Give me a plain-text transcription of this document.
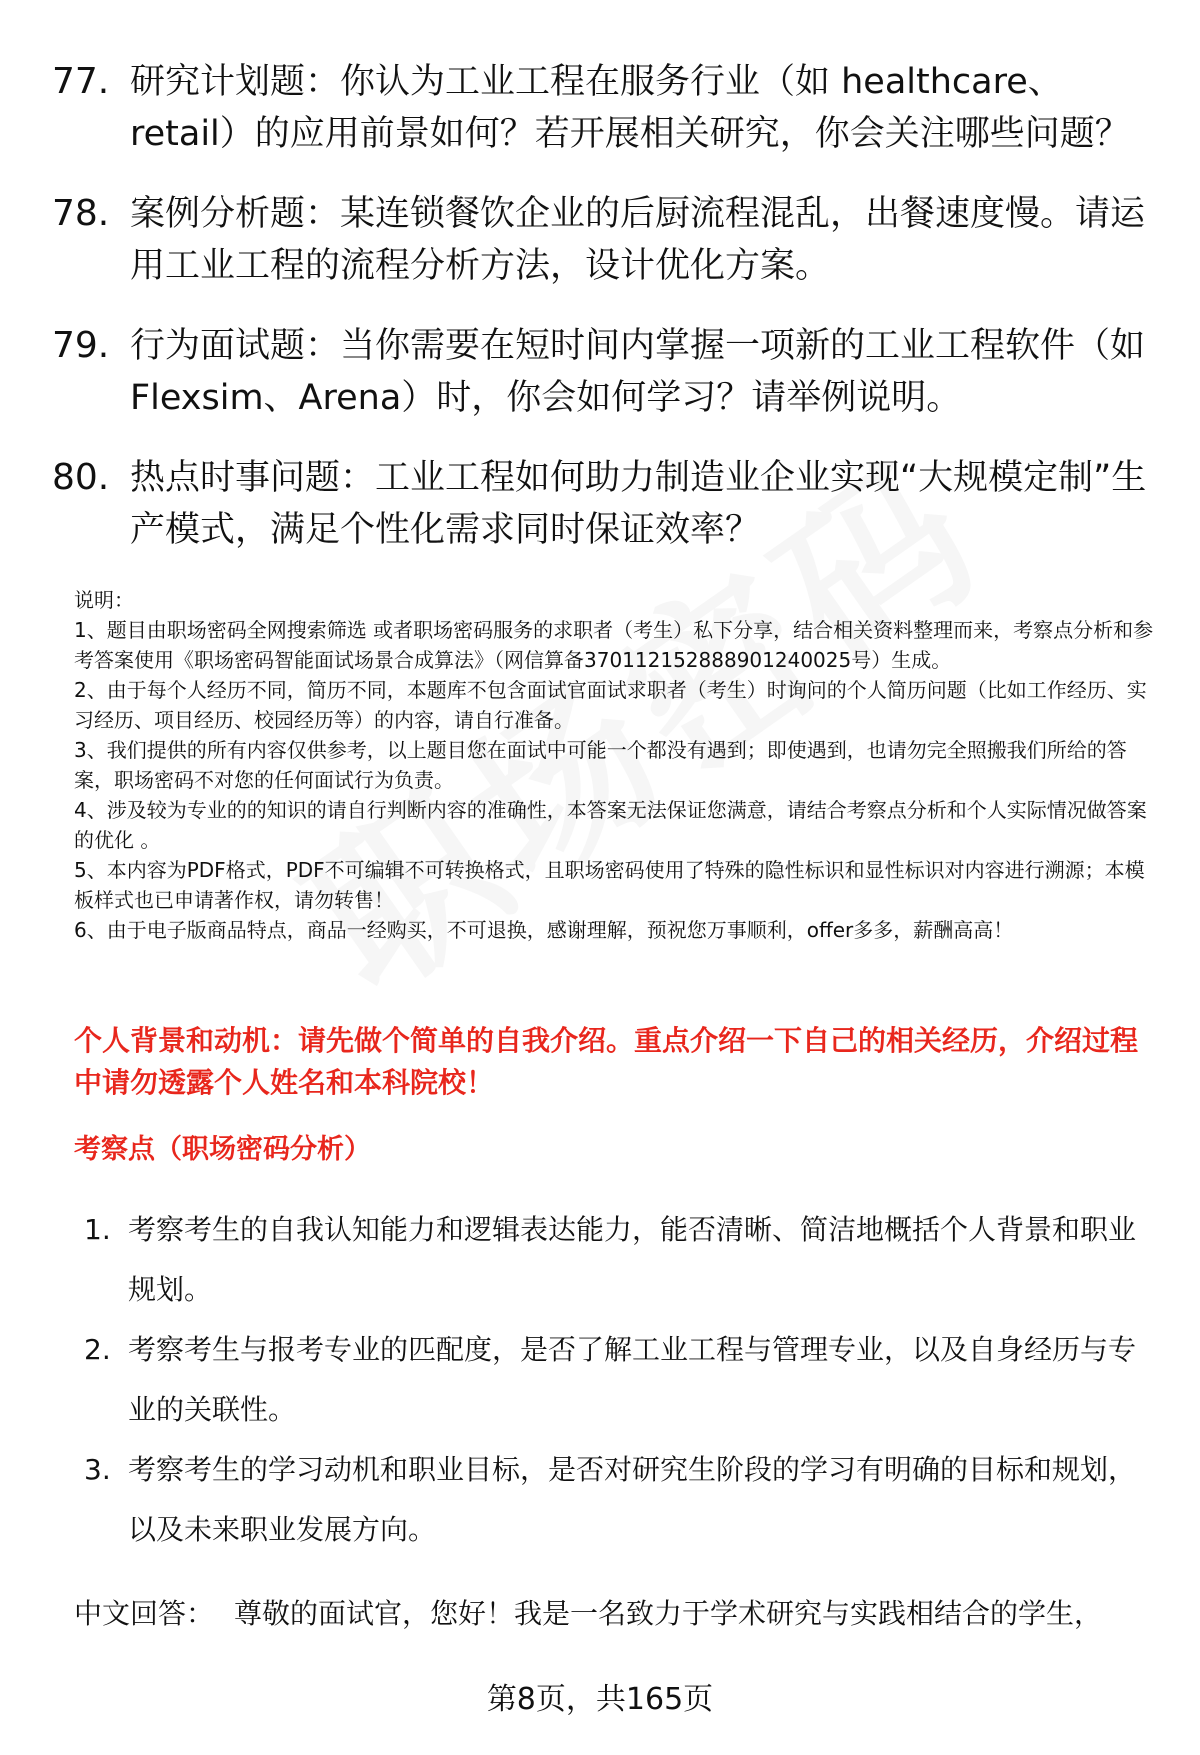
77. 研究计划题：你认为工业工程在服务行业（如 healthcare、retail）的应用前景如何？若开展相关研究，你会关注哪些问题？
78. 案例分析题：某连锁餐饮企业的后厨流程混乱，出餐速度慢。请运用工业工程的流程分析方法，设计优化方案。
79. 行为面试题：当你需要在短时间内掌握一项新的工业工程软件（如Flexsim、Arena）时，你会如何学习？请举例说明。
80. 热点时事问题：工业工程如何助力制造业企业实现“大规模定制”生产模式，满足个性化需求同时保证效率？

说明：

1、题目由职场密码全网搜索筛选 或者职场密码服务的求职者（考生）私下分享，结合相关资料整理而来，考察点分析和参考答案使用《职场密码智能面试场景合成算法》（网信算备370112152888901240025号）生成。

2、由于每个人经历不同，简历不同，本题库不包含面试官面试求职者（考生）时询问的个人简历问题（比如工作经历、实习经历、项目经历、校园经历等）的内容，请自行准备。

3、我们提供的所有内容仅供参考，以上题目您在面试中可能一个都没有遇到；即使遇到，也请勿完全照搬我们所给的答案，职场密码不对您的任何面试行为负责。

4、涉及较为专业的的知识的请自行判断内容的准确性，本答案无法保证您满意，请结合考察点分析和个人实际情况做答案的优化 。

5、本内容为PDF格式，PDF不可编辑不可转换格式，且职场密码使用了特殊的隐性标识和显性标识对内容进行溯源；本模板样式也已申请著作权，请勿转售！

6、由于电子版商品特点，商品一经购买，不可退换，感谢理解，预祝您万事顺利，offer多多，薪酬高高！

个人背景和动机：请先做个简单的自我介绍。重点介绍一下自己的相关经历，介绍过程中请勿透露个人姓名和本科院校！
考察点（职场密码分析）
1. 考察考生的自我认知能力和逻辑表达能力，能否清晰、简洁地概括个人背景和职业规划。
2. 考察考生与报考专业的匹配度，是否了解工业工程与管理专业，以及自身经历与专业的关联性。
3. 考察考生的学习动机和职业目标，是否对研究生阶段的学习有明确的目标和规划，以及未来职业发展方向。
中文回答： 尊敬的面试官，您好！我是一名致力于学术研究与实践相结合的学生，
第8页，共165页
